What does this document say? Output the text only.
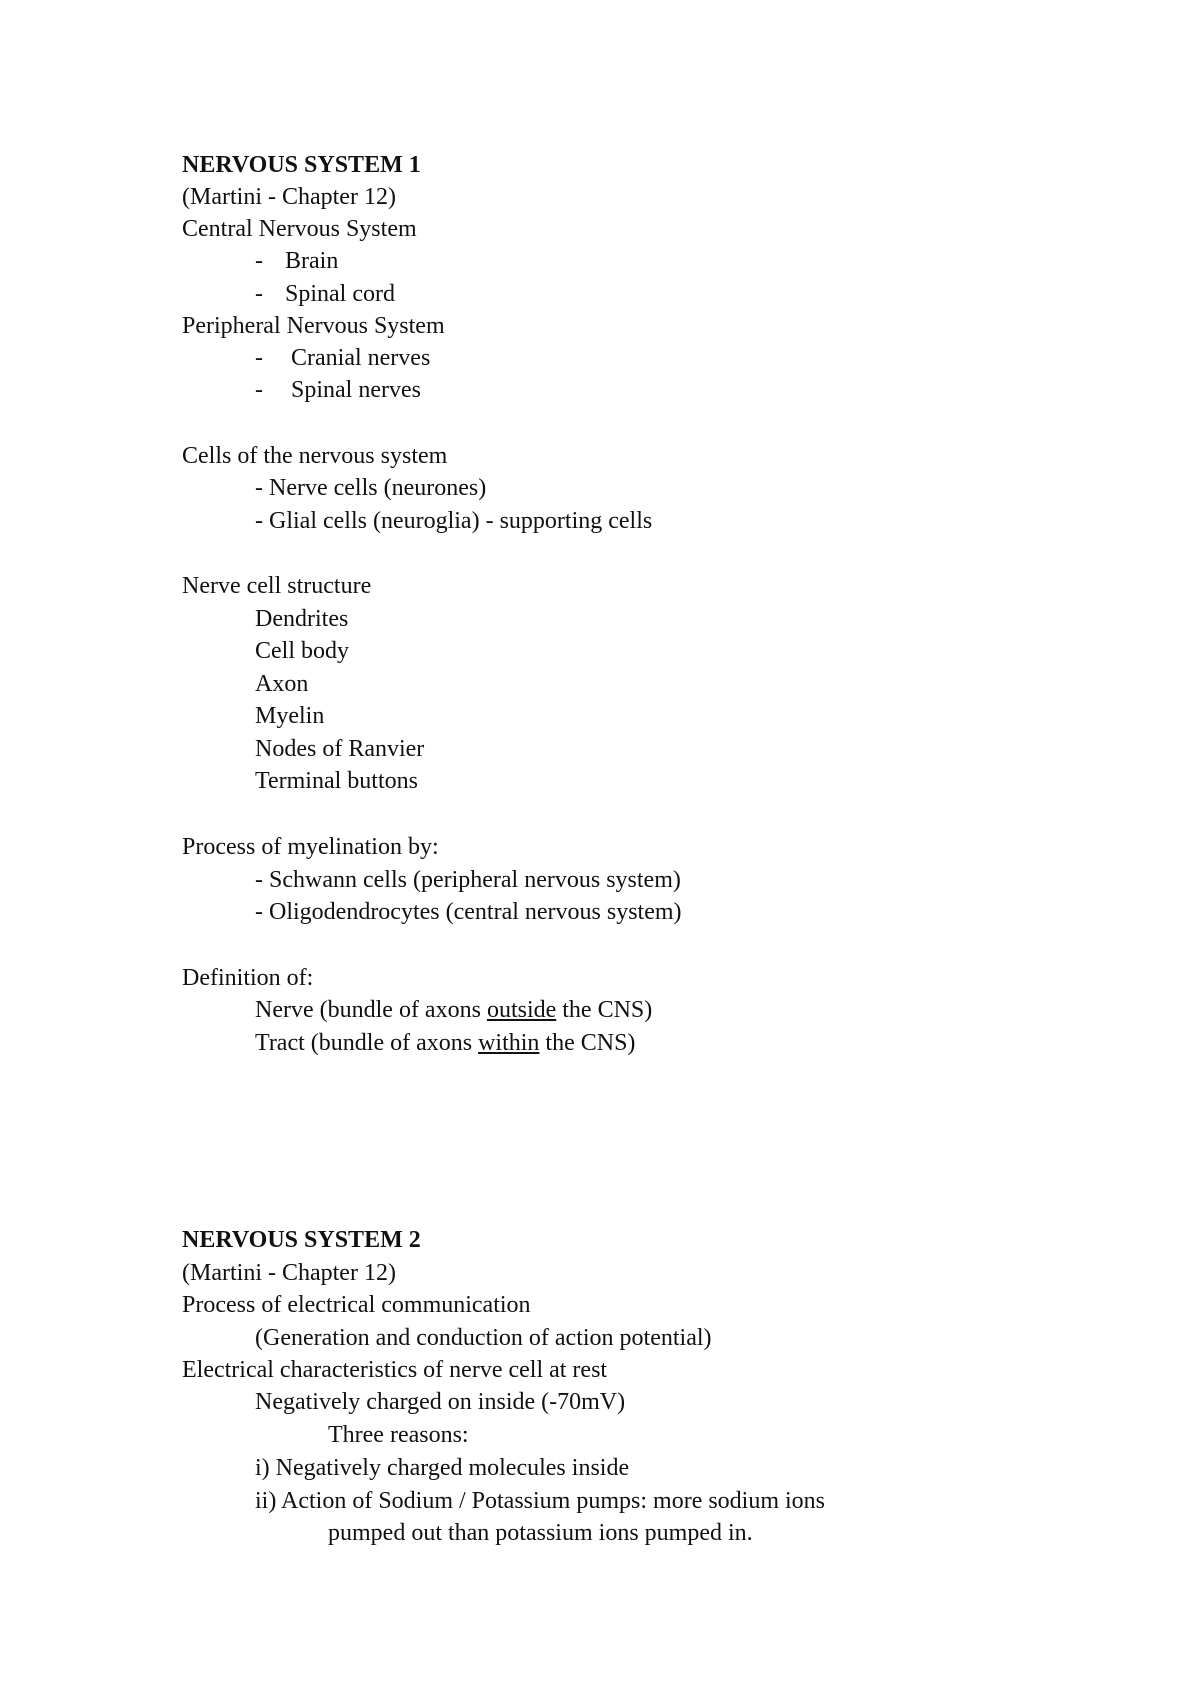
NERVOUS SYSTEM 1
(Martini - Chapter 12)
Central Nervous System
- Brain
- Spinal cord
Peripheral Nervous System
- Cranial nerves
- Spinal nerves
Cells of the nervous system
- Nerve cells (neurones)
- Glial cells (neuroglia) - supporting cells
Nerve cell structure
Dendrites
Cell body
Axon
Myelin
Nodes of Ranvier
Terminal buttons
Process of myelination by:
- Schwann cells (peripheral nervous system)
- Oligodendrocytes (central nervous system)
Definition of:
Nerve (bundle of axons outside the CNS)
Tract (bundle of axons within the CNS)
NERVOUS SYSTEM 2
(Martini - Chapter 12)
Process of electrical communication
(Generation and conduction of action potential)
Electrical characteristics of nerve cell at rest
Negatively charged on inside (-70mV)
Three reasons:
i) Negatively charged molecules inside
ii) Action of Sodium / Potassium pumps: more sodium ions
pumped out than potassium ions pumped in.
